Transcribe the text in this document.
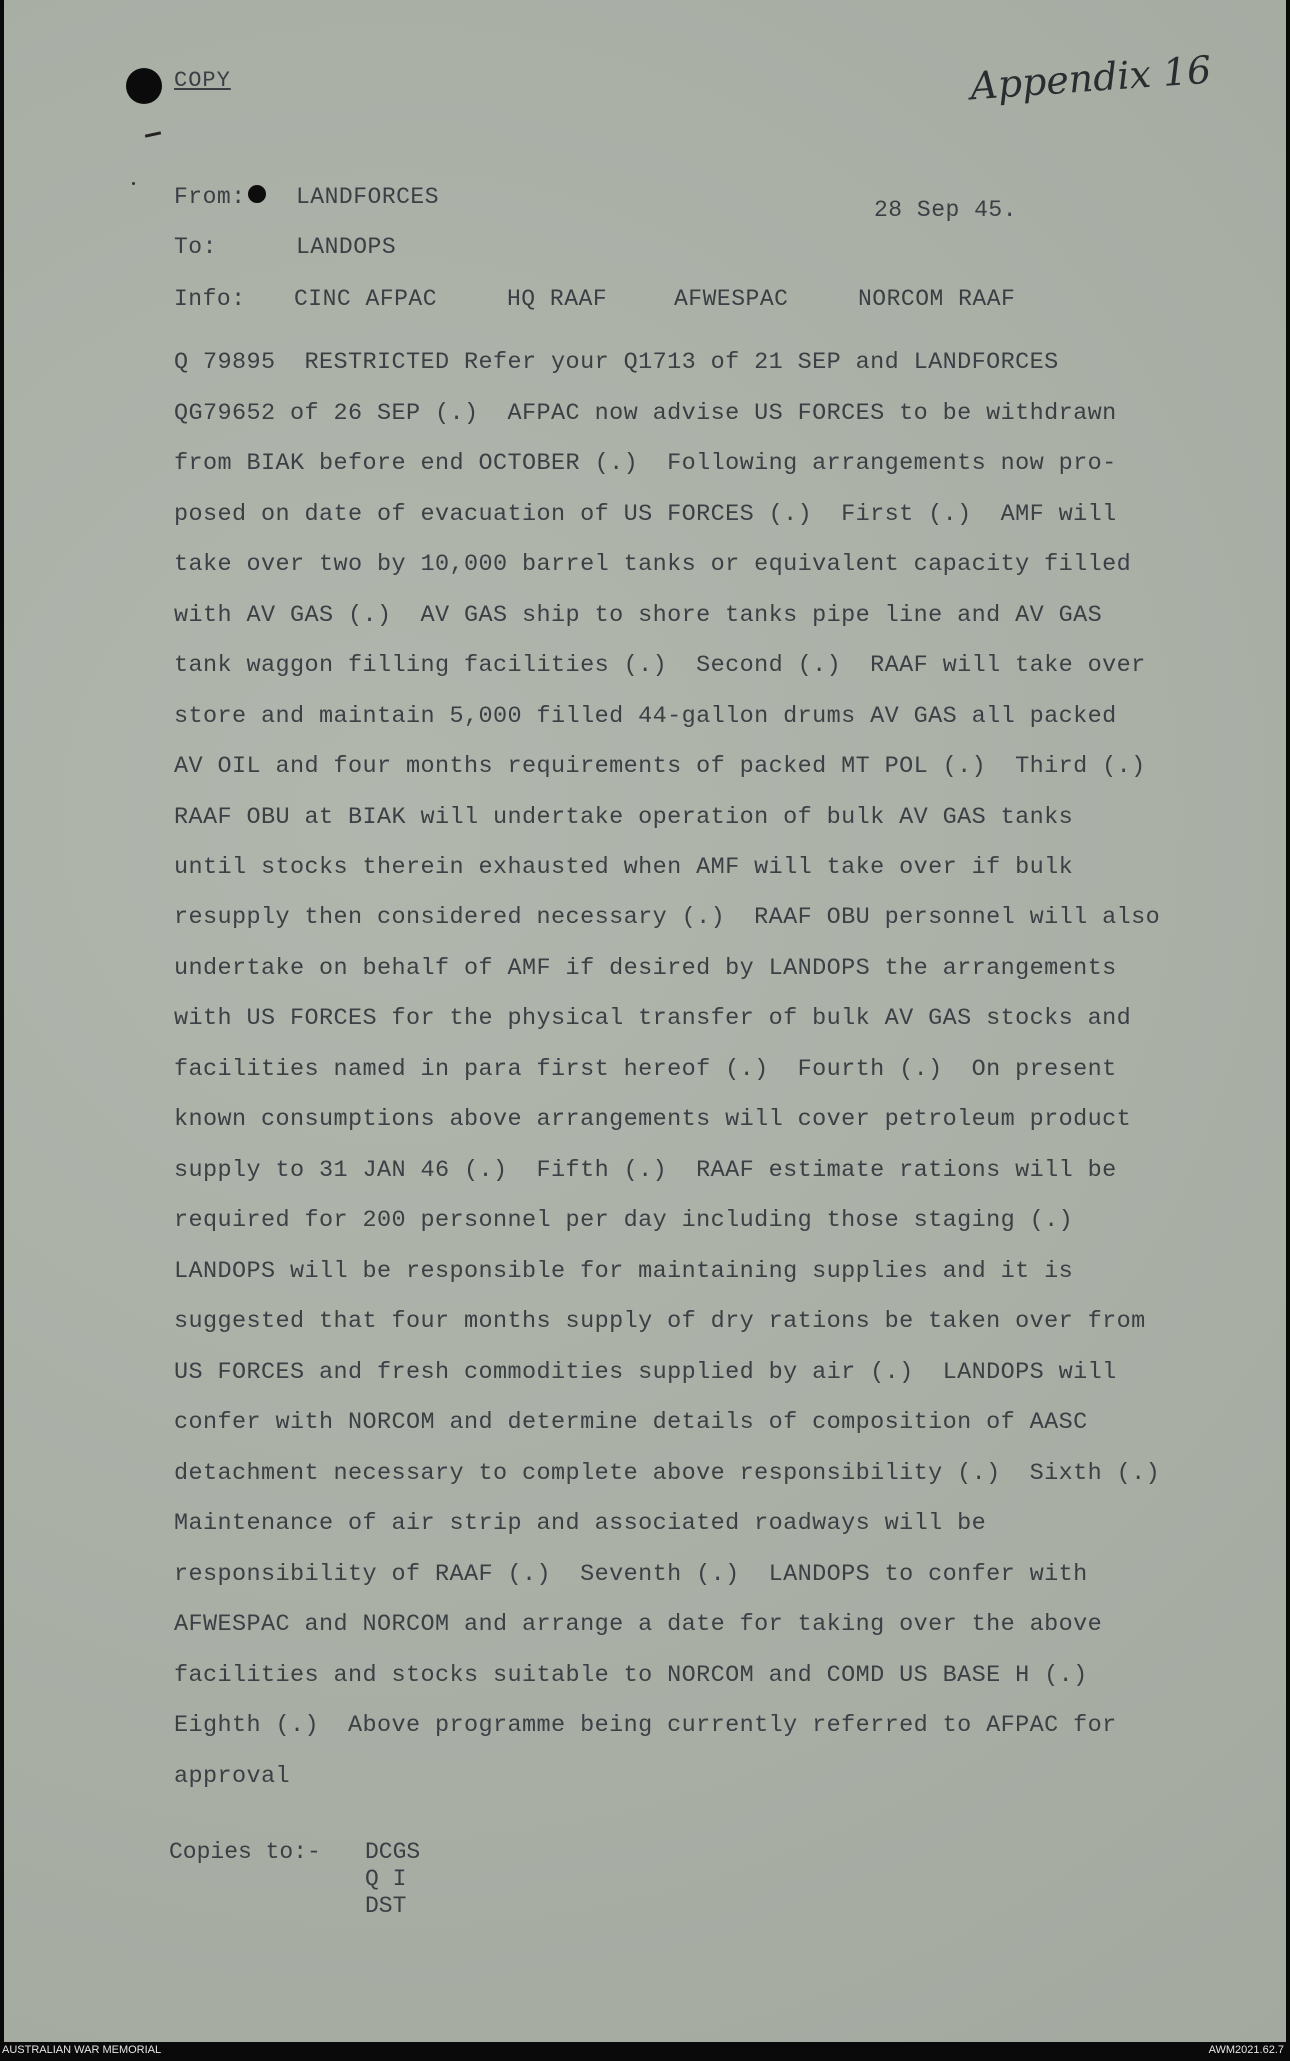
COPY	Appendix 16
From: LANDFORCES	28 Sep 45.
To:	LANDOPS
Info: CINC AFPAC	HQ RAAF	AFWESPAC	NORCOM RAAF
Q 79895  RESTRICTED Refer your Q1713 of 21 SEP and LANDFORCES
QG79652 of 26 SEP (.)  AFPAC now advise US FORCES to be withdrawn
from BIAK before end OCTOBER (.)  Following arrangements now pro-
posed on date of evacuation of US FORCES (.)  First (.)  AMF will
take over two by 10,000 barrel tanks or equivalent capacity filled
with AV GAS (.)  AV GAS ship to shore tanks pipe line and AV GAS
tank waggon filling facilities (.)  Second (.)  RAAF will take over
store and maintain 5,000 filled 44-gallon drums AV GAS all packed
AV OIL and four months requirements of packed MT POL (.)  Third (.)
RAAF OBU at BIAK will undertake operation of bulk AV GAS tanks
until stocks therein exhausted when AMF will take over if bulk
resupply then considered necessary (.)  RAAF OBU personnel will also
undertake on behalf of AMF if desired by LANDOPS the arrangements
with US FORCES for the physical transfer of bulk AV GAS stocks and
facilities named in para first hereof (.)  Fourth (.)  On present
known consumptions above arrangements will cover petroleum product
supply to 31 JAN 46 (.)  Fifth (.)  RAAF estimate rations will be
required for 200 personnel per day including those staging (.)
LANDOPS will be responsible for maintaining supplies and it is
suggested that four months supply of dry rations be taken over from
US FORCES and fresh commodities supplied by air (.)  LANDOPS will
confer with NORCOM and determine details of composition of AASC
detachment necessary to complete above responsibility (.)  Sixth (.)
Maintenance of air strip and associated roadways will be
responsibility of RAAF (.)  Seventh (.)  LANDOPS to confer with
AFWESPAC and NORCOM and arrange a date for taking over the above
facilities and stocks suitable to NORCOM and COMD US BASE H (.)
Eighth (.)  Above programme being currently referred to AFPAC for
approval
Copies to:- DCGS
Q I
DST
AUSTRALIAN WAR MEMORIAL	AWM2021.62.7
